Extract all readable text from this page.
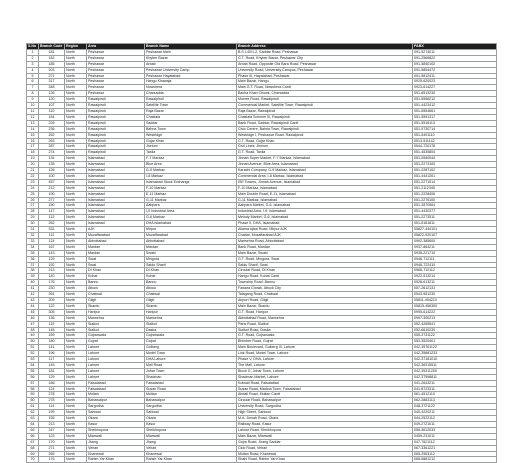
S.No	Branch Code	Region	Area	Branch Name	Branch Address	PABX
1	181	North	Peshawar	Peshawar Main	B.S.I-40/1-2, Saddar Road, Peshawar	091-5274011
2	182	North	Peshawar	Khyber Bazar	G.T. Road, Khyber Bazar, Peshawar City	091-2566822
3	185	North	Peshawar	Arbab	Arbab Road, Opposite Old Bara Road, Peshawar	091-5840102
4	203	North	Peshawar	Peshawar University Camp	University Road, University Campus, Peshawar	091-5854472
5	271	North	Peshawar	Peshawar Hayatabad	Phase III, Hayatabad, Peshawar	091-5812411
6	317	North	Peshawar	Hangu Khawaja	Main Bazar, Hangu	0925-620023
7	348	North	Peshawar	Nowshera	Main G.T. Road, Nowshera Cantt	0923-614227
8	126	North	Peshawar	Charsadda	Bacha Khan Chowk, Charsadda	091-6513230
9	120	North	Rawalpindi	Rawalpindi	Murree Road, Rawalpindi	051-5558212
10	107	North	Rawalpindi	Satellite Town	Commercial Market, Satellite Town, Rawalpindi	051-4423412
11	110	North	Rawalpindi	Raja Bazar	Raja Bazar, Rawalpindi	051-5554661
12	154	North	Rawalpindi	Chaklala	Chaklala Scheme III, Rawalpindi	051-5591317
13	226	North	Rawalpindi	Saddar	Bank Road, Saddar, Rawalpindi Cantt	051-5516113
14	236	North	Rawalpindi	Bahria Town	Civic Centre, Bahria Town, Rawalpindi	051-5730714
15	252	North	Rawalpindi	Westridge	Westridge I, Peshawar Road, Rawalpindi	051-5491110
16	263	North	Rawalpindi	Gujar Khan	G.T. Road, Gujar Khan	0513-511142
17	287	North	Rawalpindi	Jhelum	Civil Lines, Jhelum	0544-720178
18	274	North	Rawalpindi	Taxila	G.T. Road, Taxila	051-4535804
19	134	North	Islamabad	F-7 Markaz	Jinnah Super Market, F-7 Markaz, Islamabad	051-2650044
20	135	North	Islamabad	Blue Area	Jinnah Avenue, Blue Area, Islamabad	051-2273100
21	126	North	Islamabad	G-9 Markaz	Karachi Company, G-9 Markaz, Islamabad	051-2287102
22	100	North	Islamabad	I-8 Markaz	Commercial Area, I-8 Markaz, Islamabad	051-4441261
23	457	North	Islamabad	Islamabad Stock Exchange	ISE Towers, Jinnah Avenue, Islamabad	051-2271514
24	212	North	Islamabad	F-10 Markaz	F-10 Markaz, Islamabad	051-2112345
25	190	North	Islamabad	E-11 Markaz	Main Double Road, E-11, Islamabad	051-2228406
26	277	North	Islamabad	G-11 Markaz	G-11 Markaz, Islamabad	051-2276100
27	150	North	Islamabad	Aabpara	Aabpara Market, G-6, Islamabad	051-2870064
28	147	North	Islamabad	I-9 Industrial Area	Industrial Area, I-9, Islamabad	051-4430377
29	113	North	Islamabad	G-6 Markaz	Melody Market, G-6, Islamabad	051-2273511
30	252	North	Islamabad	DHA Islamabad	Phase II, DHA, Islamabad	051-5161811
31	331	North	AJK	Mirpur	Allama Iqbal Road, Mirpur AJK	05827-444101
32	112	North	Muzaffarabad	Muzaffarabad	Chattar, Muzaffarabad AJK	05822-920107
33	124	North	Abbottabad	Abbottabad	Mansehra Road, Abbottabad	0992-385600
34	167	North	Mardan	Mardan	Bank Road, Mardan	0937-864211
35	143	North	Mardan	Swabi	Main Bazar, Swabi	0938-221710
36	129	North	Swat	Mingora	G.T. Road, Mingora, Swat	0946-712111
37	192	North	Swat	Saidu Sharif	Saidu Sharif, Swat	0946-722410
38	213	North	DI Khan	DI Khan	Circular Road, DI Khan	0966-712112
39	140	North	Kohat	Kohat	Hangu Road, Kohat Cantt	0922-513214
40	176	North	Bannu	Bannu	Township Road, Bannu	0928-613211
41	230	North	Attock	Attock	Fawara Chowk, Attock City	057-2612131
42	261	North	Chakwal	Chakwal	Talagang Road, Chakwal	0543-551230
43	209	North	Gilgit	Gilgit	Airport Road, Gilgit	05811-454210
44	122	North	Skardu	Skardu	Main Bazar, Skardu	05815-456300
45	305	North	Haripur	Haripur	G.T. Road, Haripur	0995-614222
46	136	North	Mansehra	Mansehra	Abbottabad Road, Mansehra	0997-300213
47	119	North	Sialkot	Sialkot	Paris Road, Sialkot	052-4265541
48	148	North	Sialkot	Daska	Sialkot Road, Daska	052-6610230
49	159	North	Gujranwala	Gujranwala	G.T. Road, Gujranwala	055-3731122
50	180	North	Gujrat	Gujrat	Bhimber Road, Gujrat	053-3520401
51	141	North	Lahore	Gulberg	Main Boulevard, Gulberg III, Lahore	042-35761122
52	196	North	Lahore	Model Town	Link Road, Model Town, Lahore	042-35881233
53	117	North	Lahore	DHA Lahore	Phase V, DHA, Lahore	042-37181010
54	145	North	Lahore	Mall Road	The Mall, Lahore	042-36315511
55	181	North	Lahore	Johar Town	Block G, Johar Town, Lahore	042-35311200
56	129	North	Lahore	Shadman	Shadman Market, Lahore	042-37598811
57	166	North	Faisalabad	Faisalabad	Kotwali Road, Faisalabad	041-2643211
58	124	North	Faisalabad	Susan Road	Susan Road, Madina Town, Faisalabad	041-8723311
59	278	North	Multan	Multan	Abdali Road, Multan Cantt	061-4512110
60	278	North	Bahawalpur	Bahawalpur	Circular Road, Bahawalpur	062-2883113
61	114	North	Sargodha	Sargodha	University Road, Sargodha	048-3721122
62	199	North	Sahiwal	Sahiwal	High Street, Sahiwal	040-4220211
63	155	North	Okara	Okara	M.A. Jinnah Road, Okara	044-2522112
64	213	North	Kasur	Kasur	Railway Road, Kasur	049-2721011
65	247	North	Sheikhupura	Sheikhupura	Lahore Road, Sheikhupura	056-3612033
66	123	North	Mianwali	Mianwali	Main Bazar, Mianwali	0459-231011
67	170	North	Jhang	Jhang	Gojra Road, Jhang Saddar	047-7621112
68	271	North	Vehari	Vehari	Club Road, Vehari	067-3361221
69	265	North	Khanewal	Khanewal	Multan Road, Khanewal	065-2553112
70	176	North	Rahim Yar Khan	Rahim Yar Khan	Shahi Road, Rahim Yar Khan	068-5881212
